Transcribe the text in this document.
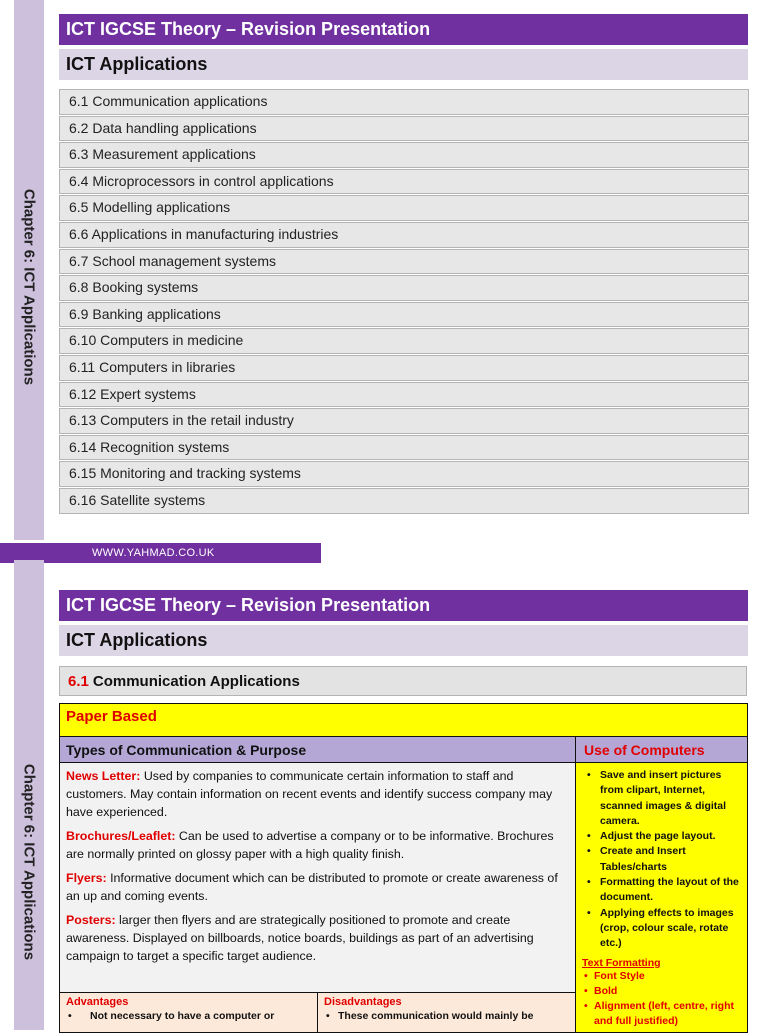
Chapter 6: ICT Applications
ICT IGCSE Theory – Revision Presentation
ICT Applications
6.1 Communication applications
6.2 Data handling applications
6.3 Measurement applications
6.4 Microprocessors in control applications
6.5 Modelling applications
6.6 Applications in manufacturing industries
6.7 School management systems
6.8 Booking systems
6.9 Banking applications
6.10 Computers in medicine
6.11 Computers in libraries
6.12 Expert systems
6.13 Computers in the retail industry
6.14 Recognition systems
6.15 Monitoring and tracking systems
6.16 Satellite systems
WWW.YAHMAD.CO.UK
Chapter 6: ICT Applications
ICT IGCSE Theory – Revision Presentation
ICT Applications
6.1 Communication Applications
Paper Based
Types of Communication & Purpose	Use of Computers
News Letter: Used by companies to communicate certain information to staff and customers. May contain information on recent events and identify success company may have experienced.
Brochures/Leaflet: Can be used to advertise a company or to be informative. Brochures are normally printed on glossy paper with a high quality finish.
Flyers: Informative document which can be distributed to promote or create awareness of an up and coming events.
Posters: larger then flyers and are strategically positioned to promote and create awareness. Displayed on billboards, notice boards, buildings as part of an advertising campaign to target a specific target audience.
• Save and insert pictures from clipart, Internet, scanned images & digital camera.
• Adjust the page layout.
• Create and Insert Tables/charts
• Formatting the layout of the document.
• Applying effects to images (crop, colour scale, rotate etc.)
Text Formatting
• Font Style
• Bold
• Alignment (left, centre, right and full justified)
Advantages
• Not necessary to have a computer or
Disadvantages
• These communication would mainly be
